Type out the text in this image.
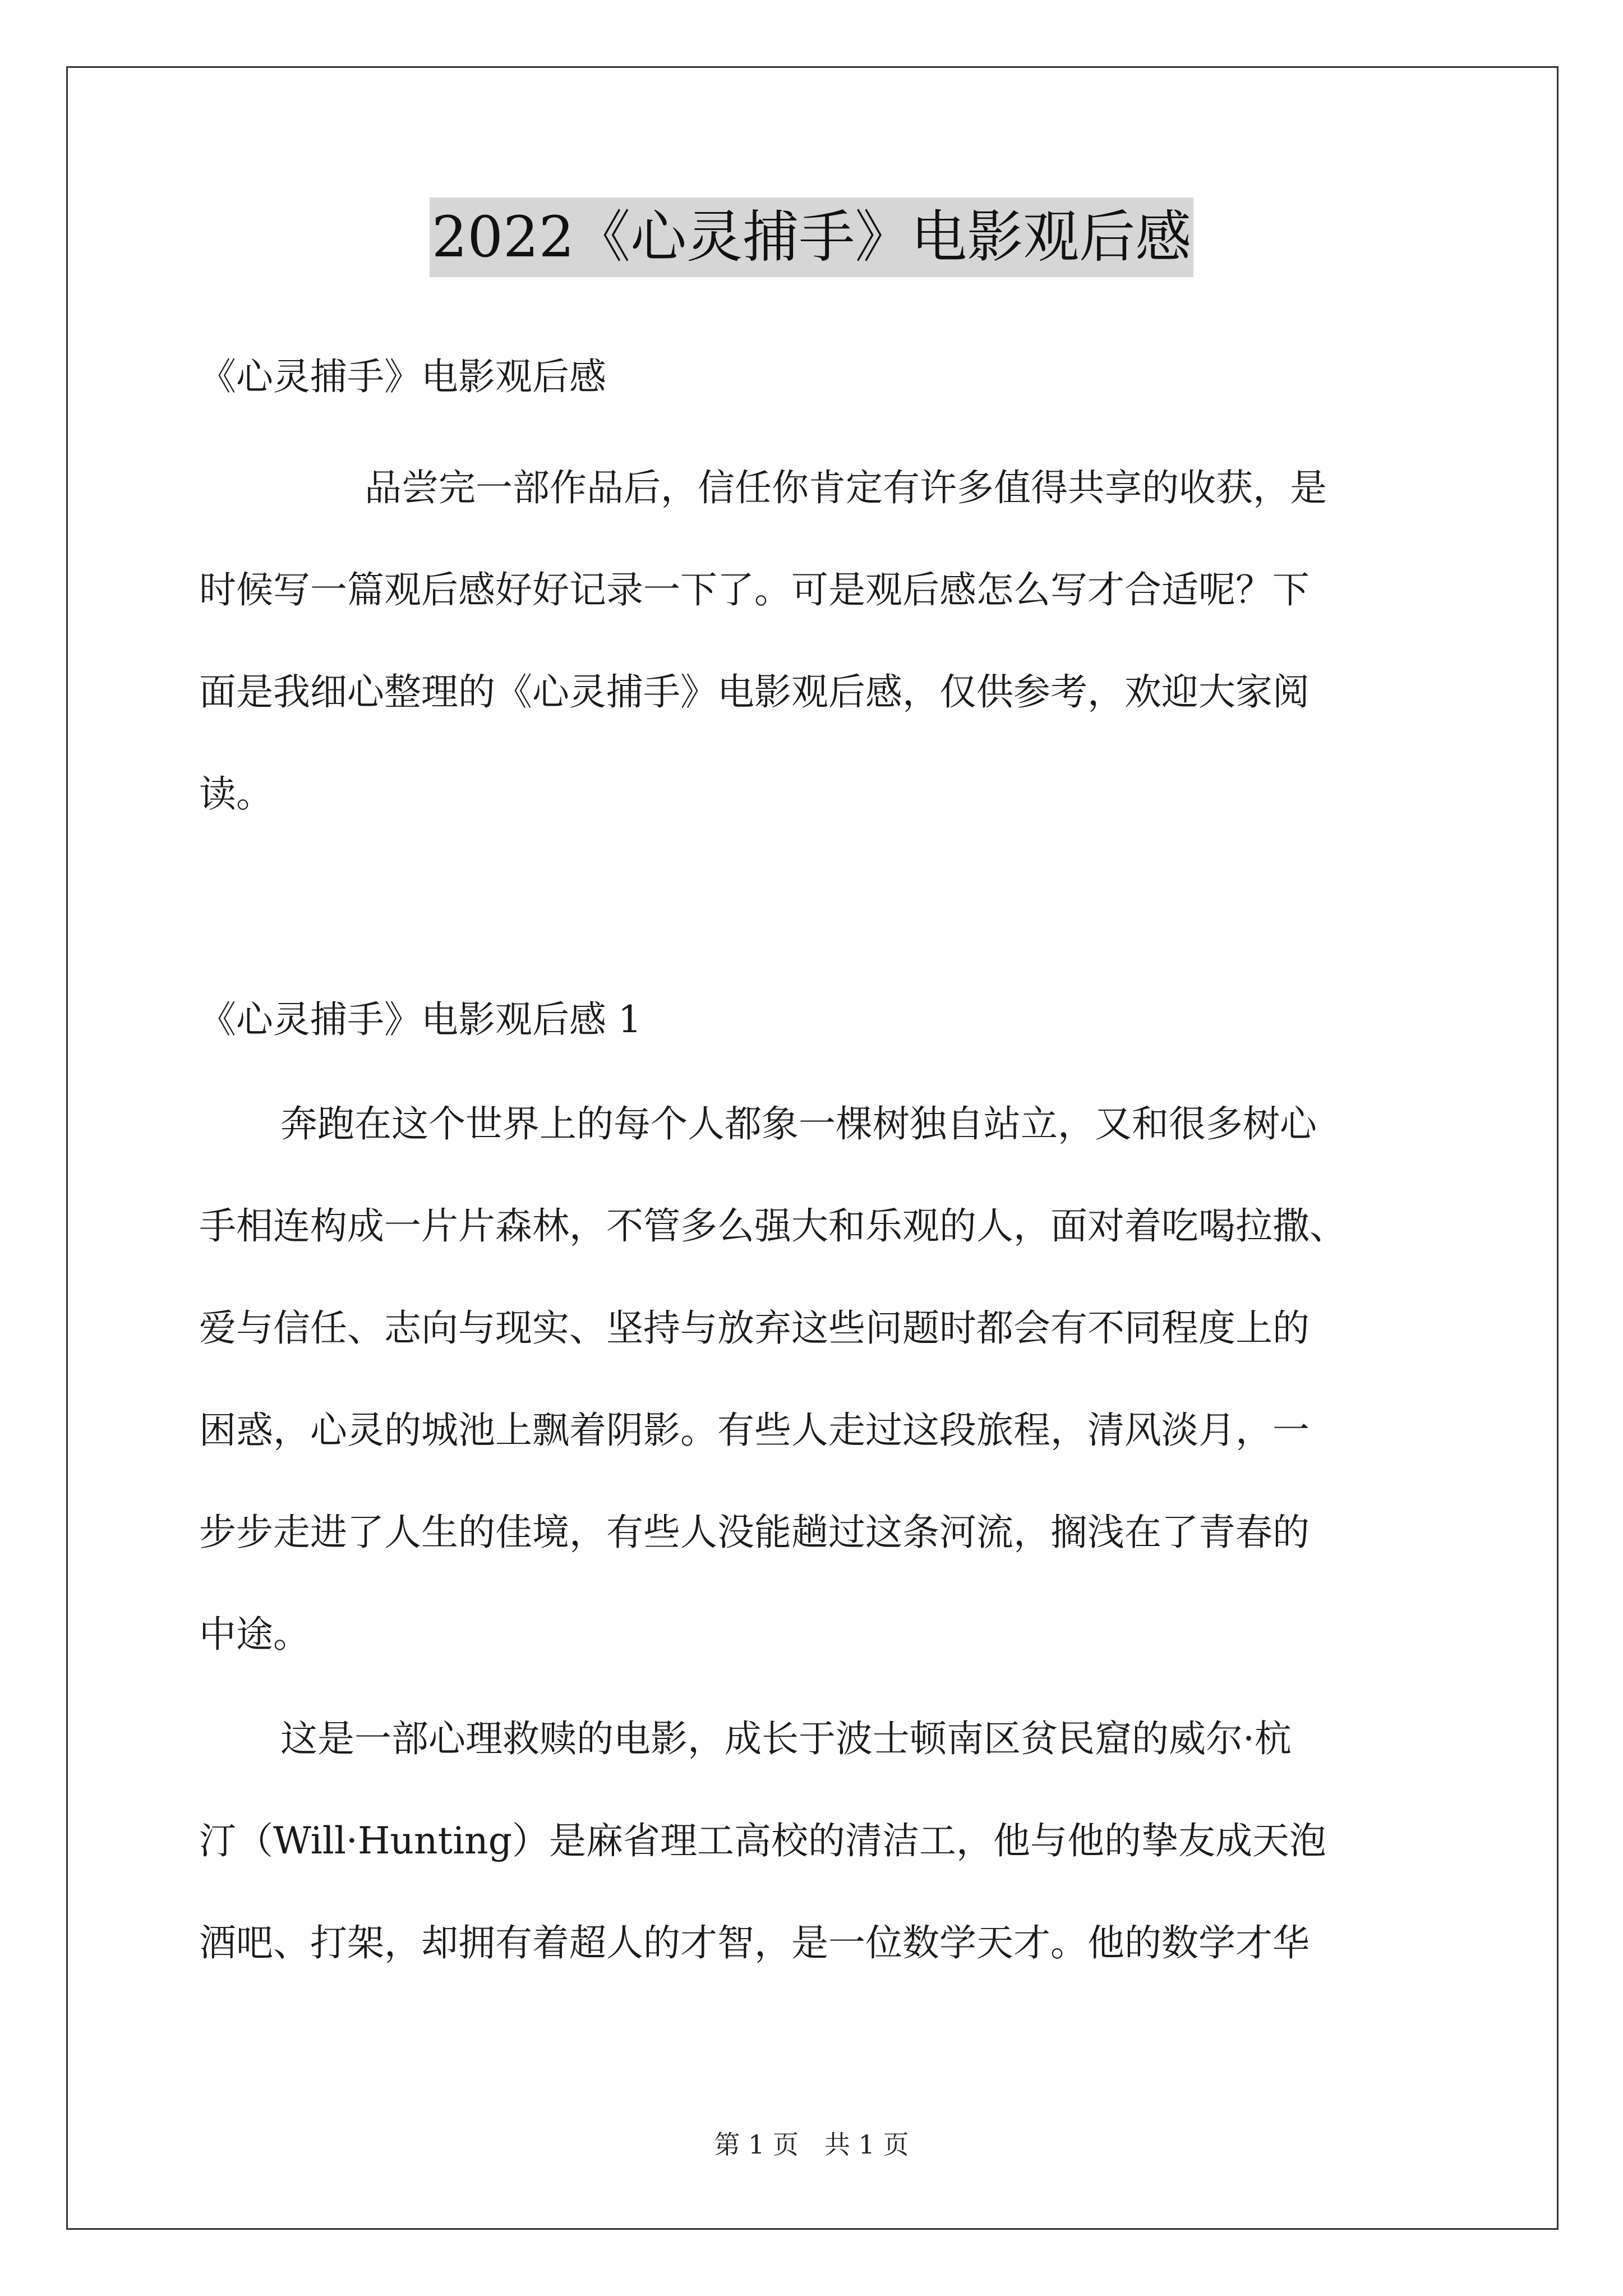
2022《心灵捕手》电影观后感
《心灵捕手》电影观后感
品尝完一部作品后，信任你肯定有许多值得共享的收获，是
时候写一篇观后感好好记录一下了。可是观后感怎么写才合适呢？下
面是我细心整理的《心灵捕手》电影观后感，仅供参考，欢迎大家阅
读。
《心灵捕手》电影观后感 1
奔跑在这个世界上的每个人都象一棵树独自站立，又和很多树心
手相连构成一片片森林，不管多么强大和乐观的人，面对着吃喝拉撒、
爱与信任、志向与现实、坚持与放弃这些问题时都会有不同程度上的
困惑，心灵的城池上飘着阴影。有些人走过这段旅程，清风淡月，一
步步走进了人生的佳境，有些人没能趟过这条河流，搁浅在了青春的
中途。
这是一部心理救赎的电影，成长于波士顿南区贫民窟的威尔·杭
汀（Will·Hunting）是麻省理工高校的清洁工，他与他的挚友成天泡
酒吧、打架，却拥有着超人的才智，是一位数学天才。他的数学才华
第 1 页　共 1 页
